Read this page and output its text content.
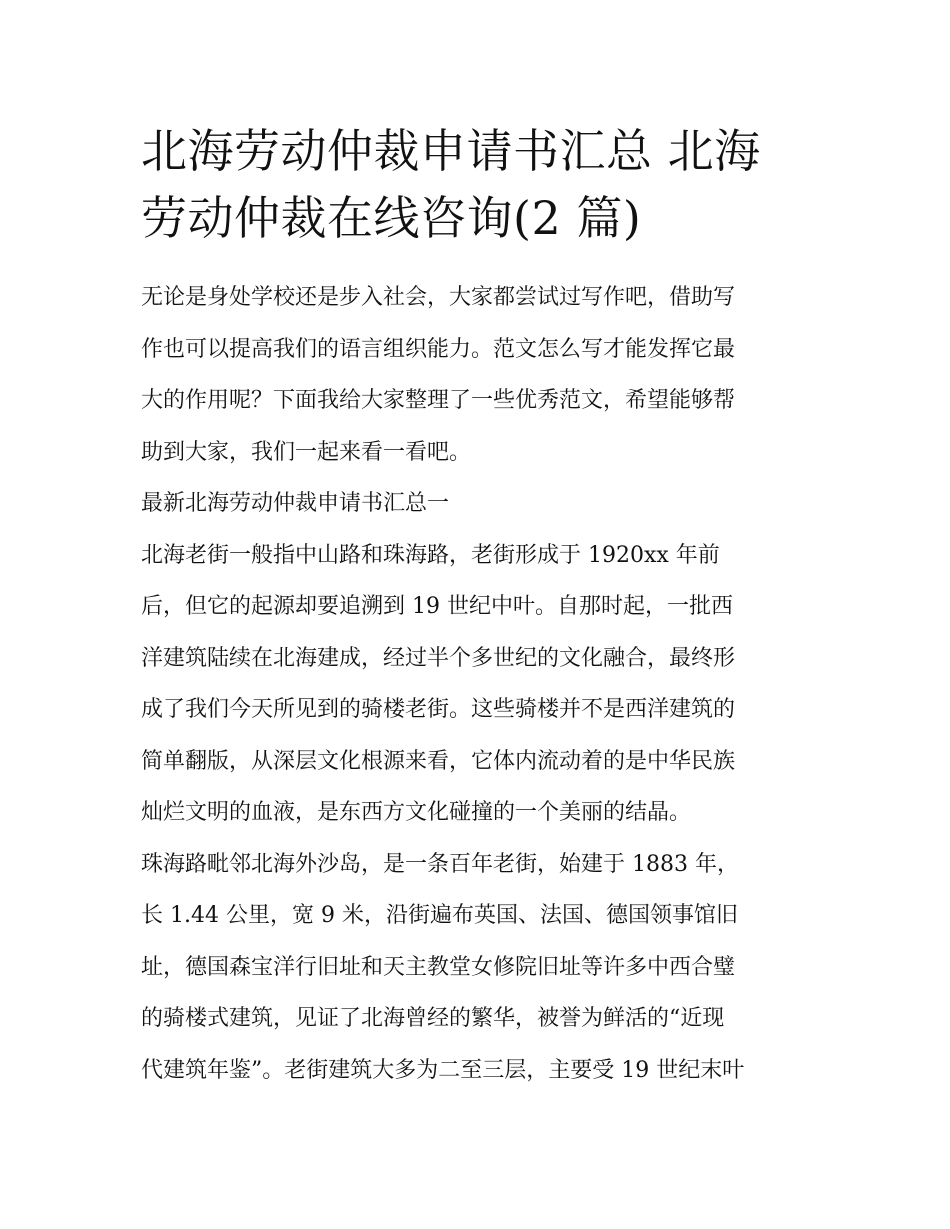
北海劳动仲裁申请书汇总 北海
劳动仲裁在线咨询(2 篇)
无论是身处学校还是步入社会，大家都尝试过写作吧，借助写
作也可以提高我们的语言组织能力。范文怎么写才能发挥它最
大的作用呢？下面我给大家整理了一些优秀范文，希望能够帮
助到大家，我们一起来看一看吧。
最新北海劳动仲裁申请书汇总一
北海老街一般指中山路和珠海路，老街形成于 1920xx 年前
后，但它的起源却要追溯到 19 世纪中叶。自那时起，一批西
洋建筑陆续在北海建成，经过半个多世纪的文化融合，最终形
成了我们今天所见到的骑楼老街。这些骑楼并不是西洋建筑的
简单翻版，从深层文化根源来看，它体内流动着的是中华民族
灿烂文明的血液，是东西方文化碰撞的一个美丽的结晶。
珠海路毗邻北海外沙岛，是一条百年老街，始建于 1883 年，
长 1.44 公里，宽 9 米，沿街遍布英国、法国、德国领事馆旧
址，德国森宝洋行旧址和天主教堂女修院旧址等许多中西合璧
的骑楼式建筑，见证了北海曾经的繁华，被誉为鲜活的“近现
代建筑年鉴”。老街建筑大多为二至三层，主要受 19 世纪末叶
